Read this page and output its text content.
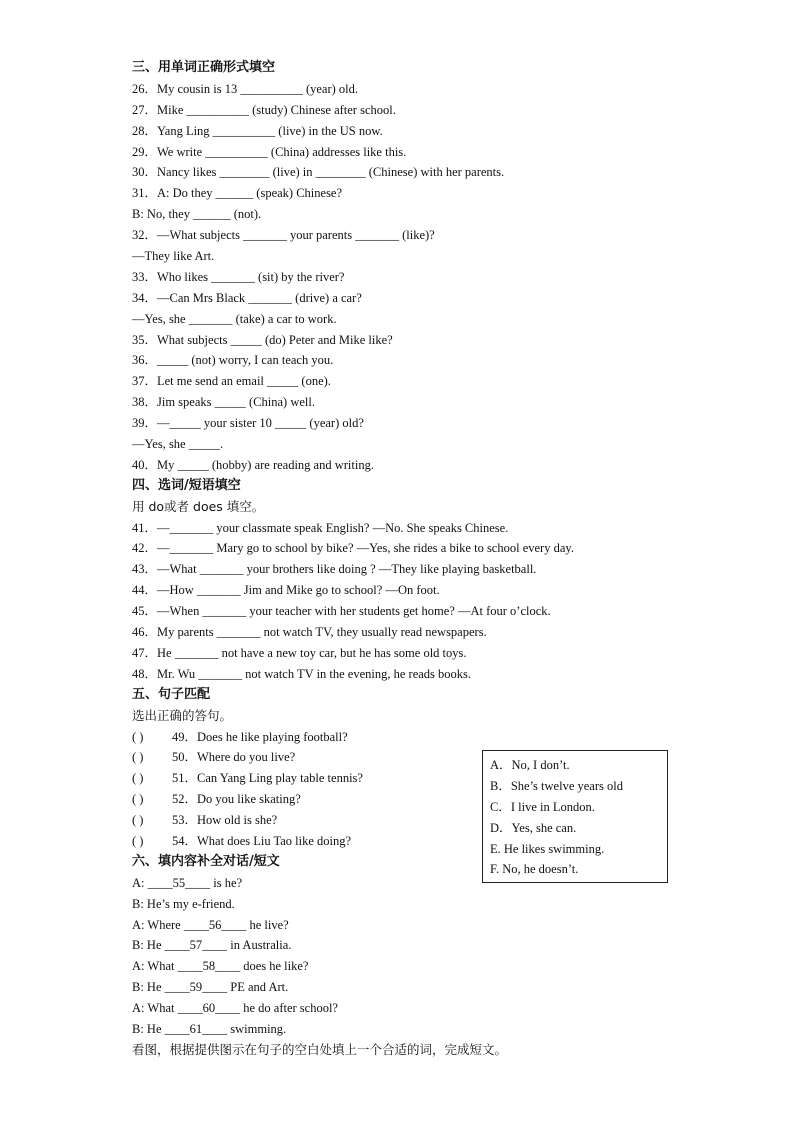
三、用单词正确形式填空
26．My cousin is 13 __________ (year) old.
27．Mike __________ (study) Chinese after school.
28．Yang Ling __________ (live) in the US now.
29．We write __________ (China) addresses like this.
30．Nancy likes ________ (live) in ________ (Chinese) with her parents.
31．A: Do they ______ (speak) Chinese?
B: No, they ______ (not).
32．—What subjects _______ your parents _______ (like)?
—They like Art.
33．Who likes _______ (sit) by the river?
34．—Can Mrs Black _______ (drive) a car?
—Yes, she _______ (take) a car to work.
35．What subjects _____ (do) Peter and Mike like?
36．_____ (not) worry, I can teach you.
37．Let me send an email _____ (one).
38．Jim speaks _____ (China) well.
39．—_____ your sister 10 _____ (year) old?
—Yes, she _____.
40．My _____ (hobby) are reading and writing.
四、选词/短语填空
用 do或者 does 填空。
41．—_______ your classmate speak English? —No. She speaks Chinese.
42．—_______ Mary go to school by bike? —Yes, she rides a bike to school every day.
43．—What _______ your brothers like doing ? —They like playing basketball.
44．—How _______ Jim and Mike go to school? —On foot.
45．—When _______ your teacher with her students get home? —At four o’clock.
46．My parents _______ not watch TV, they usually read newspapers.
47．He _______ not have a new toy car, but he has some old toys.
48．Mr. Wu _______ not watch TV in the evening, he reads books.
五、句子匹配
选出正确的答句。
( ) 49．Does he like playing football?
( ) 50．Where do you live?
( ) 51．Can Yang Ling play table tennis?
( ) 52．Do you like skating?
( ) 53．How old is she?
( ) 54．What does Liu Tao like doing?
六、填内容补全对话/短文
A: ____55____ is he?
B: He’s my e-friend.
A: Where ____56____ he live?
B: He ____57____ in Australia.
A: What ____58____ does he like?
B: He ____59____ PE and Art.
A: What ____60____ he do after school?
B: He ____61____ swimming.
看图，根据提供图示在句子的空白处填上一个合适的词，完成短文。
A．No, I don’t.
B．She’s twelve years old
C．I live in London.
D．Yes, she can.
E. He likes swimming.
F. No, he doesn’t.
